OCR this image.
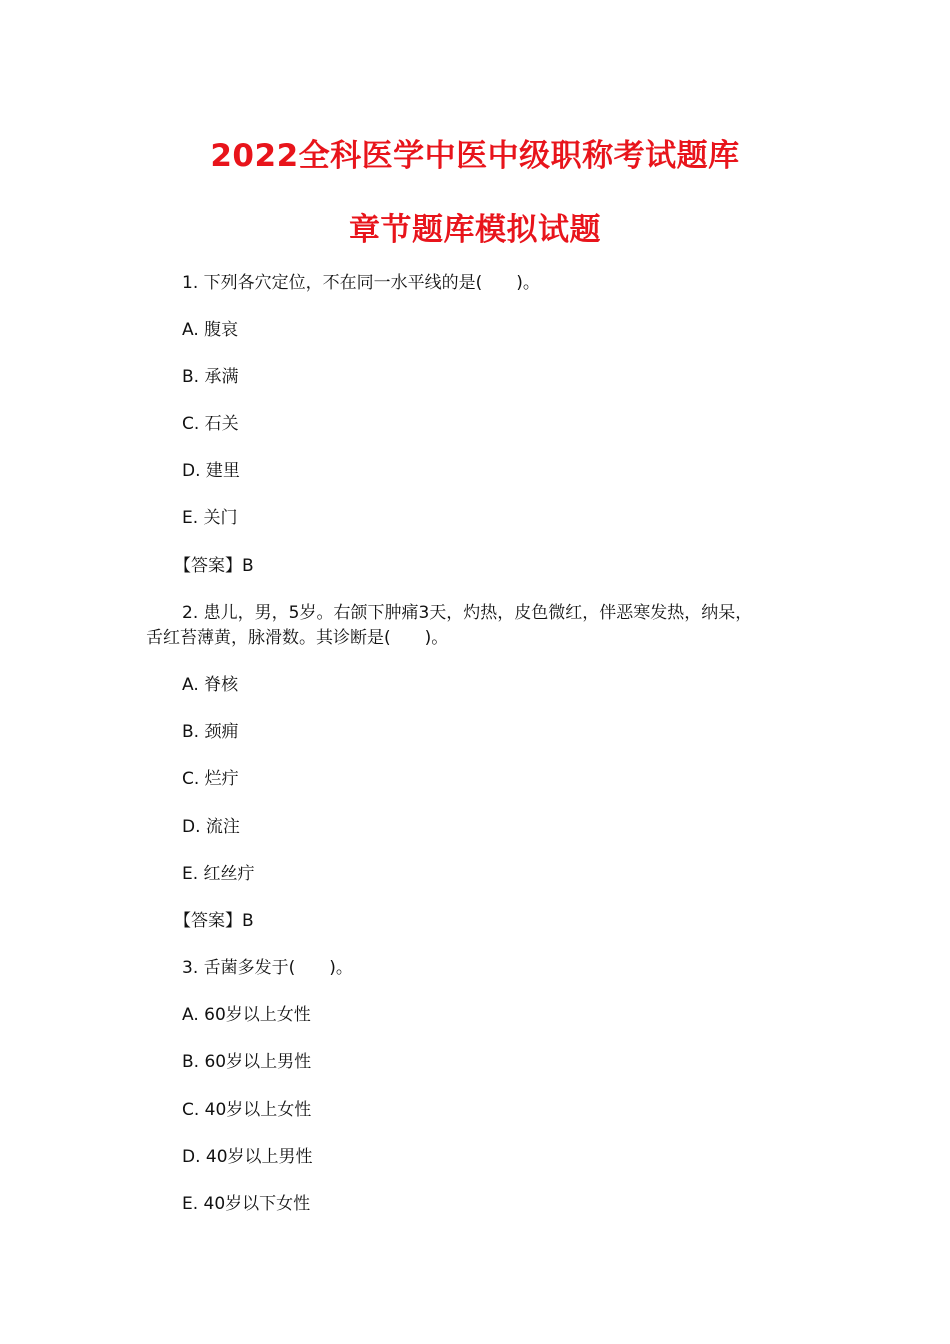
2022全科医学中医中级职称考试题库
章节题库模拟试题
1. 下列各穴定位，不在同一水平线的是(　　)。
A. 腹哀
B. 承满
C. 石关
D. 建里
E. 关门
【答案】B
2. 患儿，男，5岁。右颌下肿痛3天，灼热，皮色微红，伴恶寒发热，纳呆，
舌红苔薄黄，脉滑数。其诊断是(　　)。
A. 脊核
B. 颈痈
C. 烂疔
D. 流注
E. 红丝疔
【答案】B
3. 舌菌多发于(　　)。
A. 60岁以上女性
B. 60岁以上男性
C. 40岁以上女性
D. 40岁以上男性
E. 40岁以下女性
